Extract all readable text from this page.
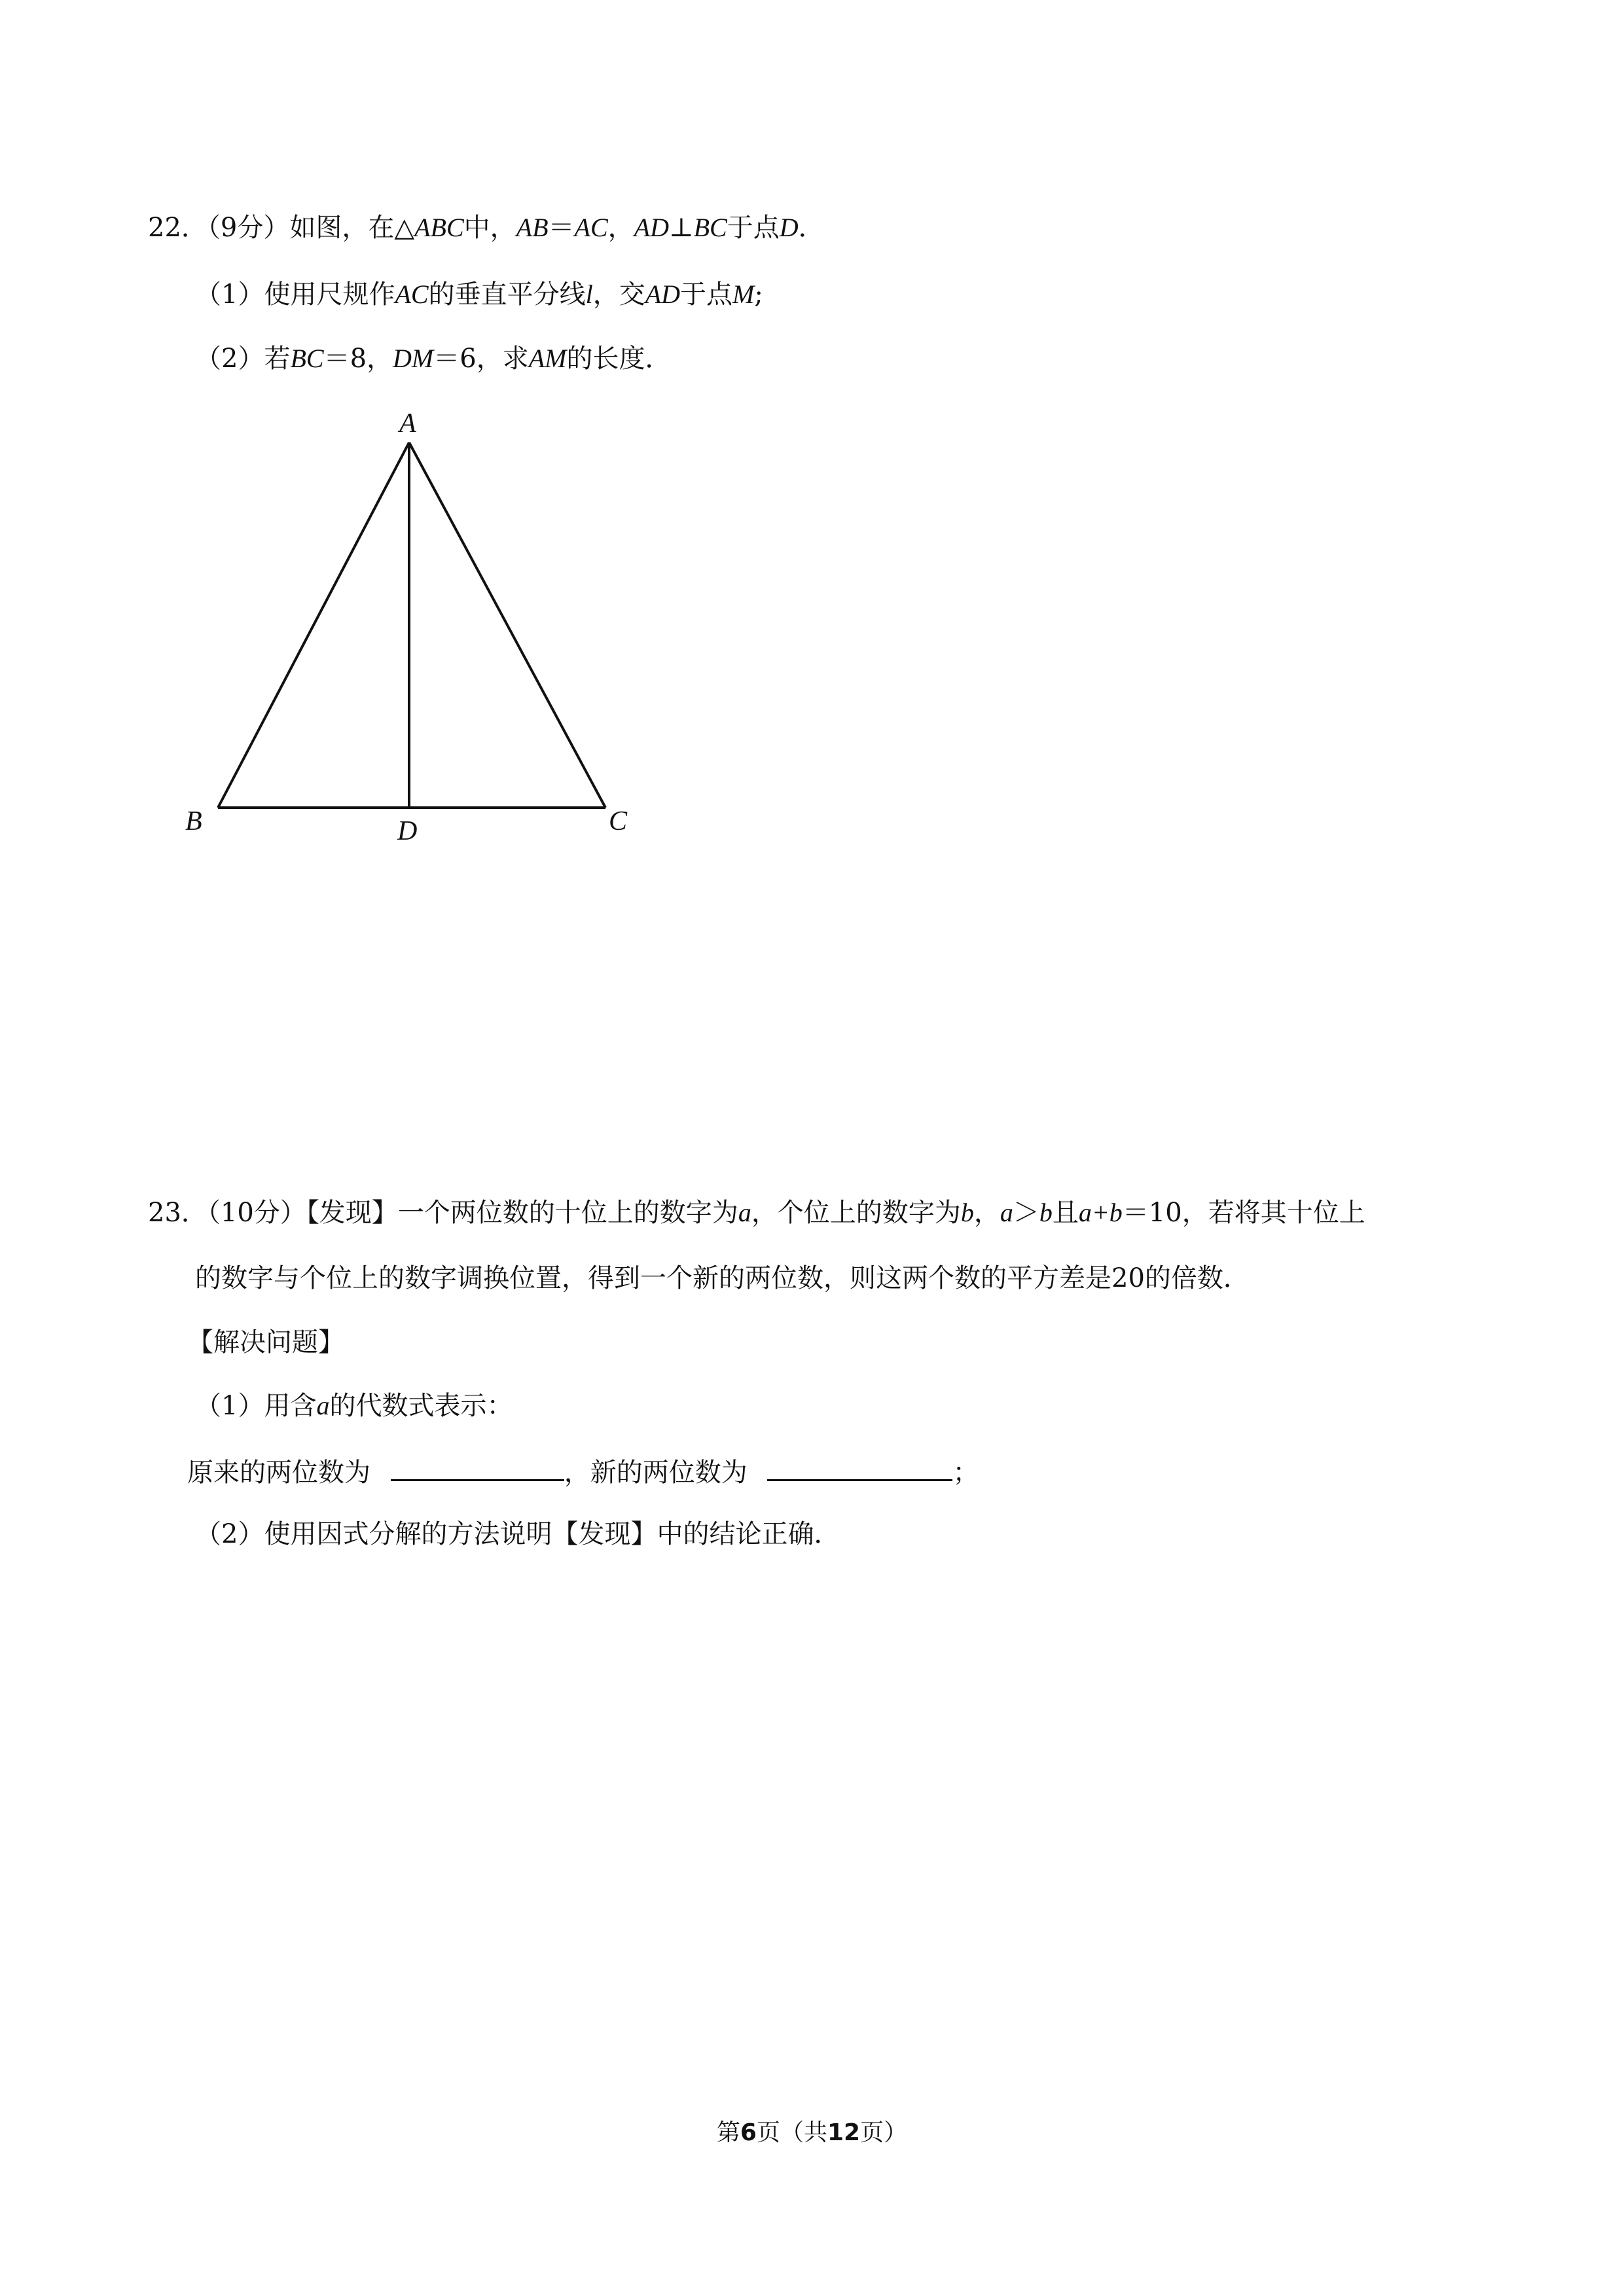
22．（9分）如图，在△ABC中，AB＝AC，AD⊥BC于点D．
（1）使用尺规作AC的垂直平分线l，交AD于点M;
（2）若BC＝8，DM＝6，求AM的长度．
A
B	C
D
23．（10分）【发现】一个两位数的十位上的数字为a，个位上的数字为b，a＞b且a+b＝10，若将其十位上
的数字与个位上的数字调换位置，得到一个新的两位数，则这两个数的平方差是20的倍数．
【解决问题】
（1）用含a的代数式表示：
原来的两位数为	，新的两位数为	；
（2）使用因式分解的方法说明【发现】中的结论正确．
第6页（共12页）
